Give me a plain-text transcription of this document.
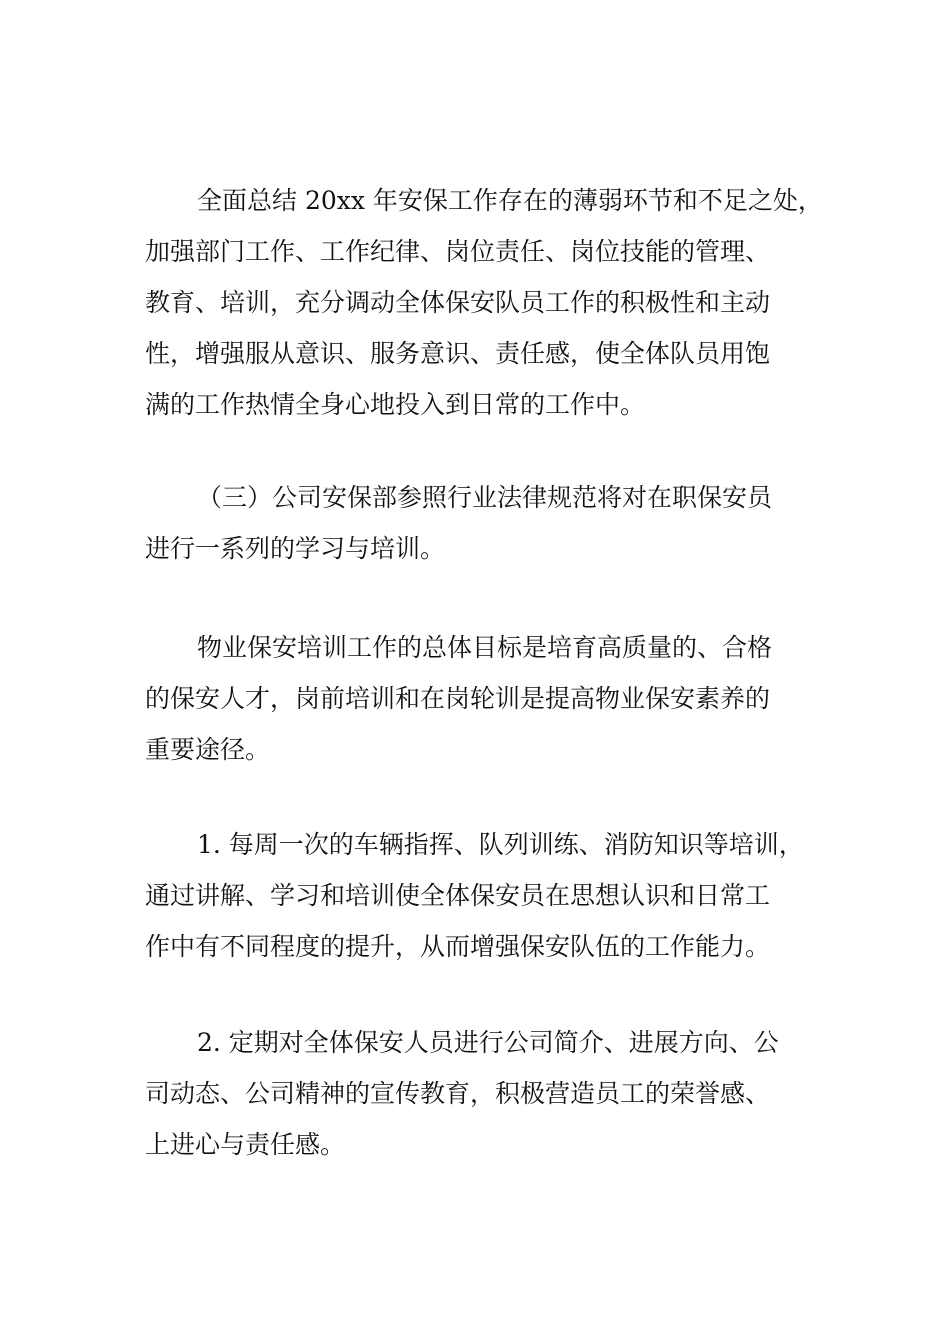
全面总结 20xx 年安保工作存在的薄弱环节和不足之处，
加强部门工作、工作纪律、岗位责任、岗位技能的管理、
教育、培训，充分调动全体保安队员工作的积极性和主动
性，增强服从意识、服务意识、责任感，使全体队员用饱
满的工作热情全身心地投入到日常的工作中。
（三）公司安保部参照行业法律规范将对在职保安员
进行一系列的学习与培训。
物业保安培训工作的总体目标是培育高质量的、合格
的保安人才，岗前培训和在岗轮训是提高物业保安素养的
重要途径。
1. 每周一次的车辆指挥、队列训练、消防知识等培训，
通过讲解、学习和培训使全体保安员在思想认识和日常工
作中有不同程度的提升，从而增强保安队伍的工作能力。
2. 定期对全体保安人员进行公司简介、进展方向、公
司动态、公司精神的宣传教育，积极营造员工的荣誉感、
上进心与责任感。
